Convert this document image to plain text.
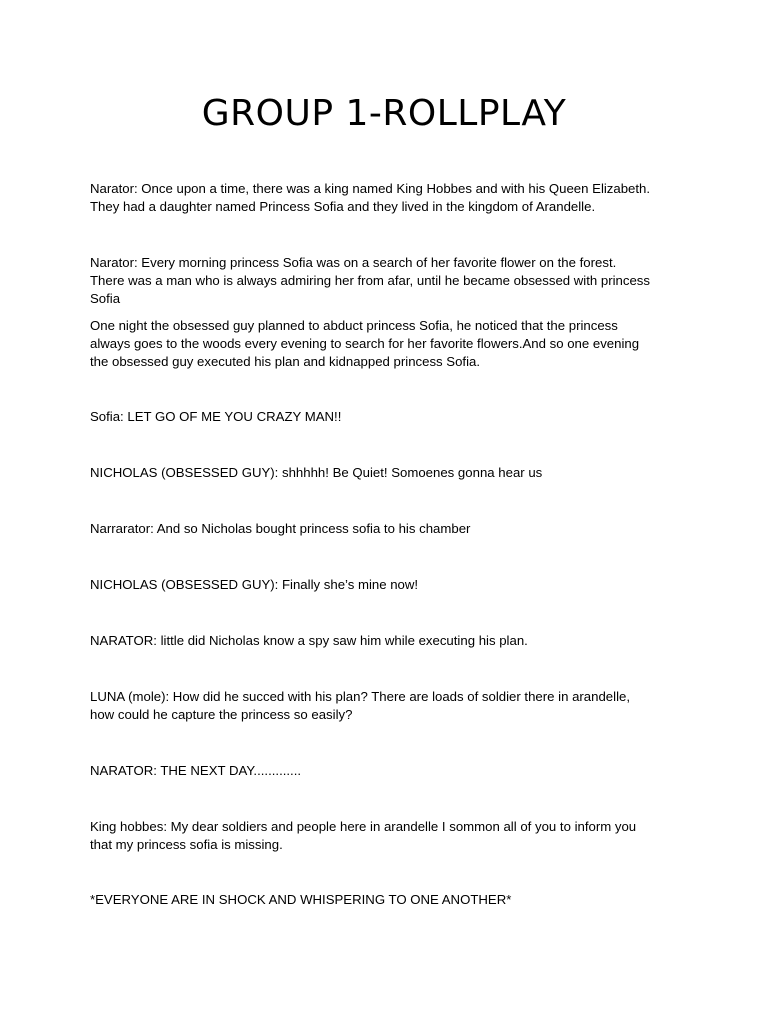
GROUP 1-ROLLPLAY

Narator: Once upon a time, there was a king named King Hobbes and with his Queen Elizabeth.
They had a daughter named Princess Sofia and they lived in the kingdom of Arandelle.

Narator: Every morning princess Sofia was on a search of her favorite flower on the forest.
There was a man who is always admiring her from afar, until he became obsessed with princess
Sofia

One night the obsessed guy planned to abduct princess Sofia, he noticed that the princess
always goes to the woods every evening to search for her favorite flowers.And so one evening
the obsessed guy executed his plan and kidnapped princess Sofia.

Sofia: LET GO OF ME YOU CRAZY MAN!!

NICHOLAS (OBSESSED GUY): shhhhh! Be Quiet! Somoenes gonna hear us

Narrarator: And so Nicholas bought princess sofia to his chamber

NICHOLAS (OBSESSED GUY): Finally she’s mine now!

NARATOR: little did Nicholas know a spy saw him while executing his plan.

LUNA (mole): How did he succed with his plan? There are loads of soldier there in arandelle,
how could he capture the princess so easily?

NARATOR: THE NEXT DAY.............

King hobbes: My dear soldiers and people here in arandelle I sommon all of you to inform you
that my princess sofia is missing.

*EVERYONE ARE IN SHOCK AND WHISPERING TO ONE ANOTHER*
